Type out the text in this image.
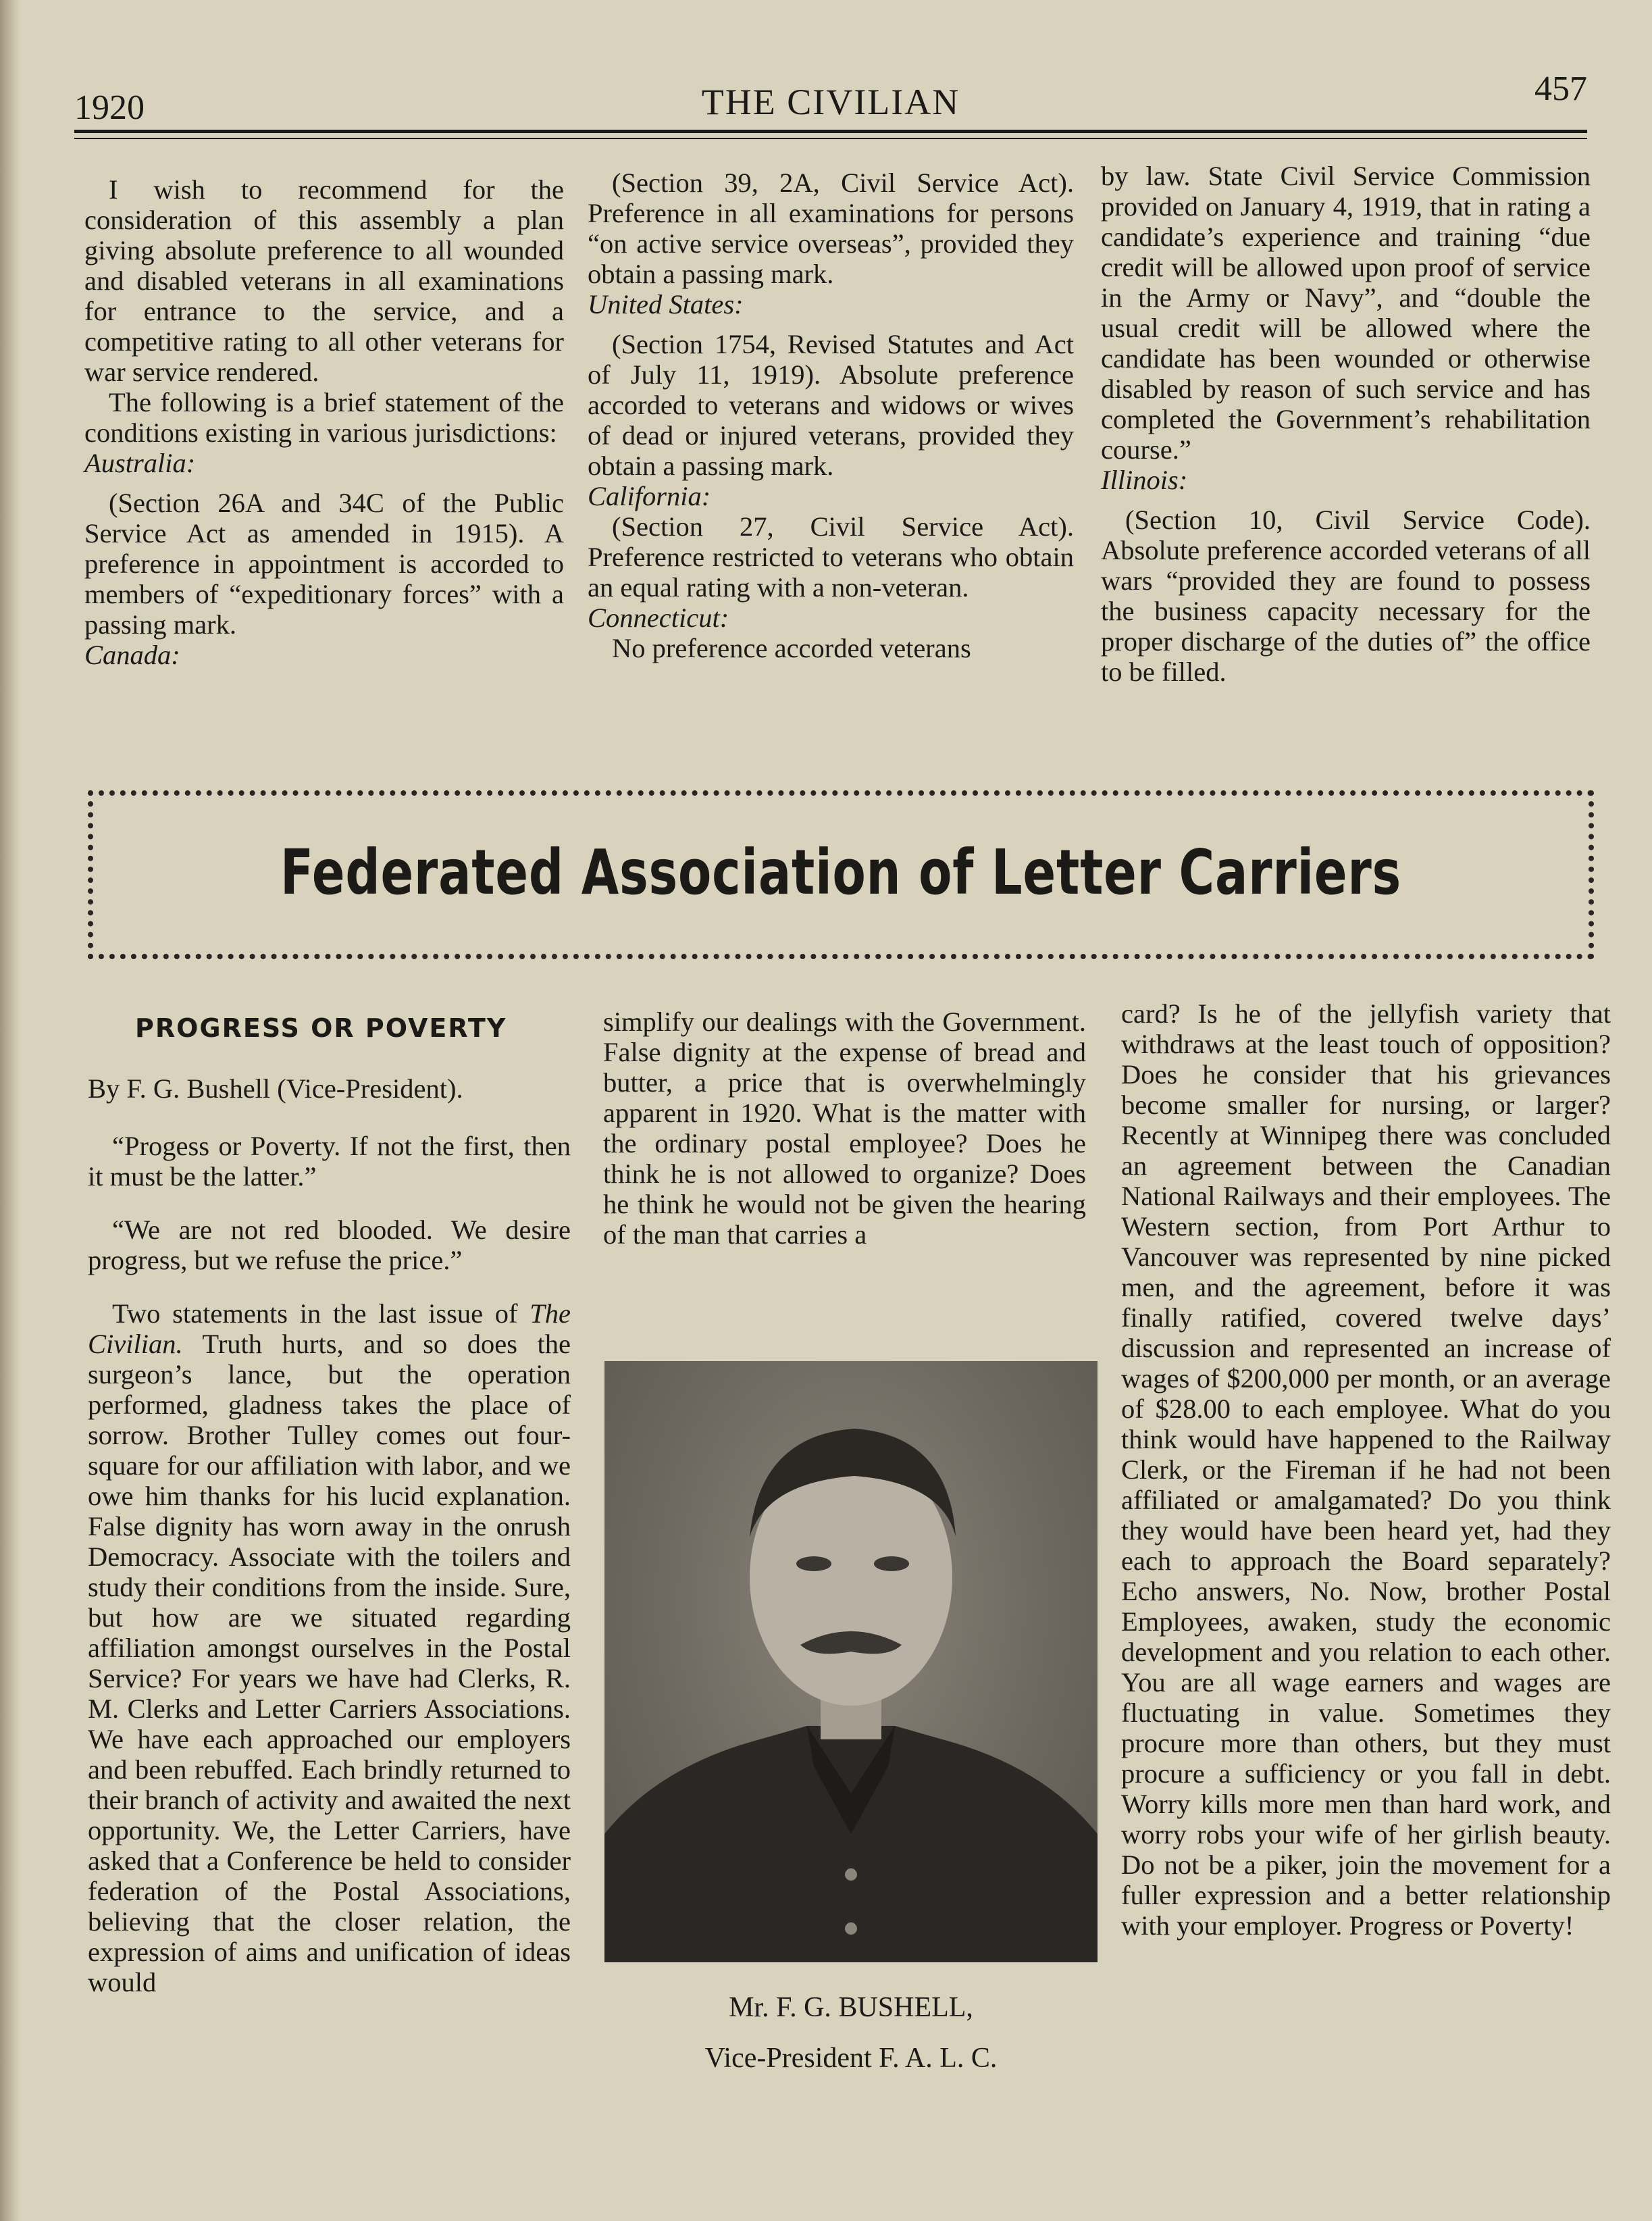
1920	THE CIVILIAN	457

I wish to recommend for the consideration of this assembly a plan giving absolute preference to all wounded and disabled veterans in all examinations for entrance to the service, and a competitive rating to all other veterans for war service rendered.

The following is a brief statement of the conditions existing in various jurisdictions:

Australia:

(Section 26A and 34C of the Public Service Act as amended in 1915). A preference in appointment is accorded to members of “expeditionary forces” with a passing mark.

Canada:

(Section 39, 2A, Civil Service Act). Preference in all examinations for persons “on active service overseas”, provided they obtain a passing mark.

United States:

(Section 1754, Revised Statutes and Act of July 11, 1919). Absolute preference accorded to veterans and widows or wives of dead or injured veterans, provided they obtain a passing mark.

California:

(Section 27, Civil Service Act). Preference restricted to veterans who obtain an equal rating with a non-veteran.

Connecticut:

No preference accorded veterans

by law. State Civil Service Commission provided on January 4, 1919, that in rating a candidate’s experience and training “due credit will be allowed upon proof of service in the Army or Navy”, and “double the usual credit will be allowed where the candidate has been wounded or otherwise disabled by reason of such service and has completed the Government’s rehabilitation course.”

Illinois:

(Section 10, Civil Service Code). Absolute preference accorded veterans of all wars “provided they are found to possess the business capacity necessary for the proper discharge of the duties of” the office to be filled.

Federated Association of Letter Carriers

PROGRESS OR POVERTY

By F. G. Bushell (Vice-President).

“Progess or Poverty. If not the first, then it must be the latter.”

“We are not red blooded. We desire progress, but we refuse the price.”

Two statements in the last issue of The Civilian. Truth hurts, and so does the surgeon’s lance, but the operation performed, gladness takes the place of sorrow. Brother Tulley comes out four-square for our affiliation with labor, and we owe him thanks for his lucid explanation. False dignity has worn away in the onrush Democracy. Associate with the toilers and study their conditions from the inside. Sure, but how are we situated regarding affiliation amongst ourselves in the Postal Service? For years we have had Clerks, R. M. Clerks and Letter Carriers Associations. We have each approached our employers and been rebuffed. Each brindly returned to their branch of activity and awaited the next opportunity. We, the Letter Carriers, have asked that a Conference be held to consider federation of the Postal Associations, believing that the closer relation, the expression of aims and unification of ideas would

simplify our dealings with the Government. False dignity at the expense of bread and butter, a price that is overwhelmingly apparent in 1920. What is the matter with the ordinary postal employee? Does he think he is not allowed to organize? Does he think he would not be given the hearing of the man that carries a

Mr. F. G. BUSHELL,
Vice-President F. A. L. C.

card? Is he of the jellyfish variety that withdraws at the least touch of opposition? Does he consider that his grievances become smaller for nursing, or larger? Recently at Winnipeg there was concluded an agreement between the Canadian National Railways and their employees. The Western section, from Port Arthur to Vancouver was represented by nine picked men, and the agreement, before it was finally ratified, covered twelve days’ discussion and represented an increase of wages of $200,000 per month, or an average of $28.00 to each employee. What do you think would have happened to the Railway Clerk, or the Fireman if he had not been affiliated or amalgamated? Do you think they would have been heard yet, had they each to approach the Board separately? Echo answers, No. Now, brother Postal Employees, awaken, study the economic development and you relation to each other. You are all wage earners and wages are fluctuating in value. Sometimes they procure more than others, but they must procure a sufficiency or you fall in debt. Worry kills more men than hard work, and worry robs your wife of her girlish beauty. Do not be a piker, join the movement for a fuller expression and a better relationship with your employer. Progress or Poverty!
